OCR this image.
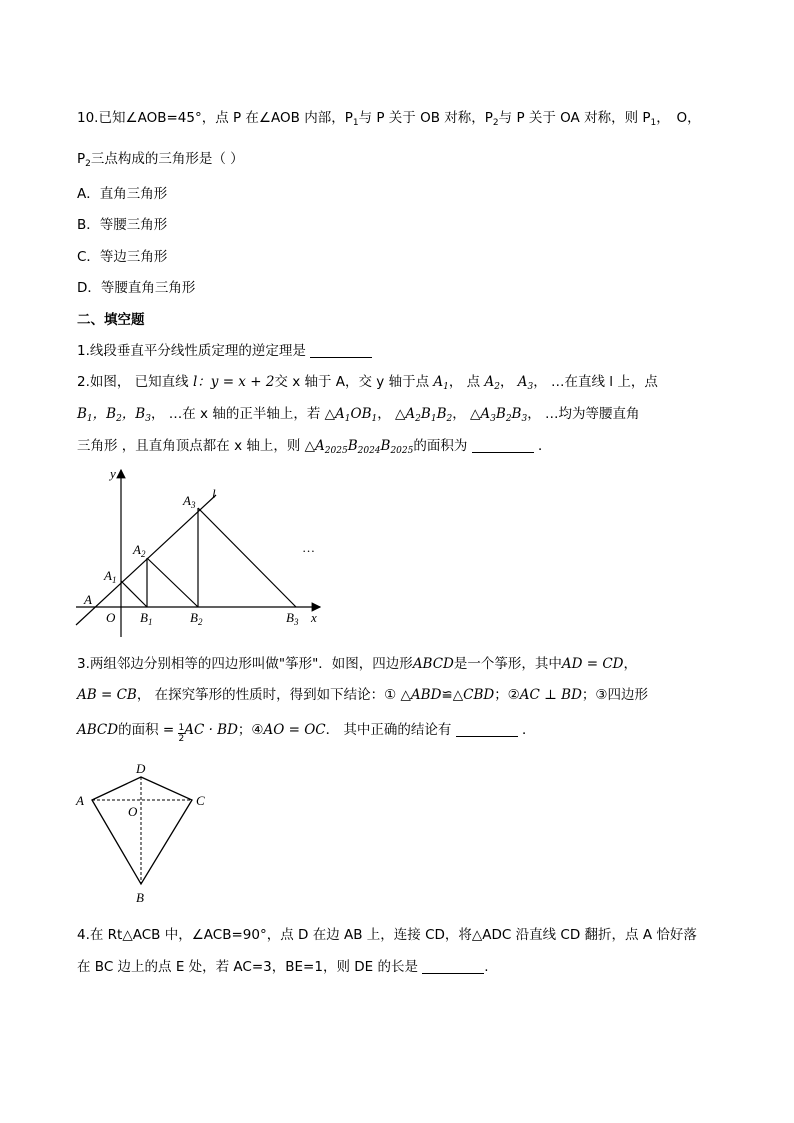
10.已知∠AOB=45°，点 P 在∠AOB 内部，$P_1$与 P 关于 OB 对称，$P_2$与 P 关于 OA 对称，则 $P_1$，　O，
$P_2$三点构成的三角形是（ ）
A．直角三角形
B．等腰三角形
C．等边三角形
D．等腰直角三角形
二、填空题
1.线段垂直平分线性质定理的逆定理是
2.如图， 已知直线 l：y = x + 2交 x 轴于 A，交 y 轴于点 $A_1$， 点 $A_2$， $A_3$， …在直线 l 上，点
$B_1$，$B_2$，$B_3$， …在 x 轴的正半轴上，若 $\triangle A_1OB_1$， $\triangle A_2B_1B_2$， $\triangle A_3B_2B_3$， …均为等腰直角
三角形 ，且直角顶点都在 x 轴上，则 $\triangle A_{2025}B_{2024}B_{2025}$的面积为	．
y
x
l
A
O
$A_1$
$A_2$
$A_3$
$B_1$	$B_2$	$B_3$
…
3.两组邻边分别相等的四边形叫做"筝形"．如图，四边形ABCD是一个筝形，其中AD = CD，
AB = CB， 在探究筝形的性质时，得到如下结论：① △ABD≌△CBD；②AC ⊥ BD；③四边形
ABCD的面积 = $\frac{1}{2}$ AC · BD；④AO = OC． 其中正确的结论有	．
D
A	C
O
B
4.在 Rt△ACB 中，∠ACB=90°，点 D 在边 AB 上，连接 CD，将△ADC 沿直线 CD 翻折，点 A 恰好落
在 BC 边上的点 E 处，若 AC=3，BE=1，则 DE 的长是	.
